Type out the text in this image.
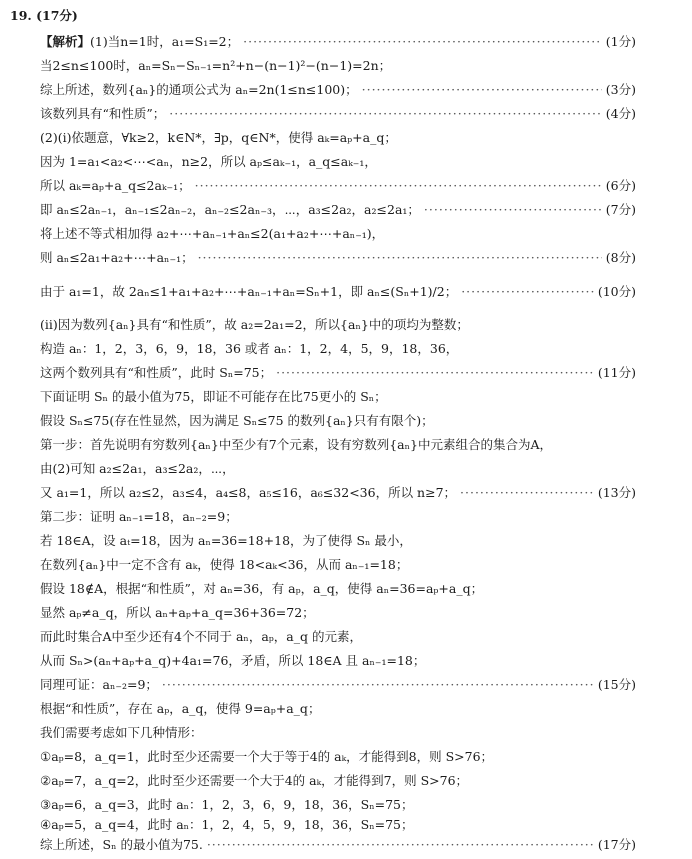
19. (17分)
【解析】 (1)当n=1时，a₁=S₁=2； ·····	(1分)
当2≤n≤100时，aₙ=Sₙ−Sₙ₋₁=n²+n−(n−1)²−(n−1)=2n；
综上所述，数列{aₙ}的通项公式为 aₙ=2n(1≤n≤100)； ·····	(3分)
该数列具有“和性质”； ·····	(4分)
(2)(ⅰ)依题意，∀k≥2，k∈N*，∃p，q∈N*，使得 aₖ=aₚ+a_q；
因为 1=a₁<a₂<⋯<aₙ，n≥2，所以 aₚ≤aₖ₋₁，a_q≤aₖ₋₁，
所以 aₖ=aₚ+a_q≤2aₖ₋₁； ·····	(6分)
即 aₙ≤2aₙ₋₁，aₙ₋₁≤2aₙ₋₂，aₙ₋₂≤2aₙ₋₃，⋯，a₃≤2a₂，a₂≤2a₁； ·····	(7分)
将上述不等式相加得 a₂+⋯+aₙ₋₁+aₙ≤2(a₁+a₂+⋯+aₙ₋₁)，
则 aₙ≤2a₁+a₂+⋯+aₙ₋₁； ·····	(8分)
由于 a₁=1，故 2aₙ≤1+a₁+a₂+⋯+aₙ₋₁+aₙ=Sₙ+1，即 aₙ≤(Sₙ+1)/2； ·····	(10分)
(ⅱ)因为数列{aₙ}具有“和性质”，故 a₂=2a₁=2，所以{aₙ}中的项均为整数；
构造 aₙ：1，2，3，6，9，18，36 或者 aₙ：1，2，4，5，9，18，36，
这两个数列具有“和性质”，此时 Sₙ=75； ·····	(11分)
下面证明 Sₙ 的最小值为75，即证不可能存在比75更小的 Sₙ；
假设 Sₙ≤75(存在性显然，因为满足 Sₙ≤75 的数列{aₙ}只有有限个)；
第一步：首先说明有穷数列{aₙ}中至少有7个元素，设有穷数列{aₙ}中元素组合的集合为A，
由(2)可知 a₂≤2a₁，a₃≤2a₂，⋯，
又 a₁=1，所以 a₂≤2，a₃≤4，a₄≤8，a₅≤16，a₆≤32<36，所以 n≥7； ·····	(13分)
第二步：证明 aₙ₋₁=18，aₙ₋₂=9；
若 18∈A，设 aₜ=18，因为 aₙ=36=18+18，为了使得 Sₙ 最小，
在数列{aₙ}中一定不含有 aₖ，使得 18<aₖ<36，从而 aₙ₋₁=18；
假设 18∉A，根据“和性质”，对 aₙ=36，有 aₚ，a_q，使得 aₙ=36=aₚ+a_q；
显然 aₚ≠a_q，所以 aₙ+aₚ+a_q=36+36=72；
而此时集合A中至少还有4个不同于 aₙ，aₚ，a_q 的元素，
从而 Sₙ>(aₙ+aₚ+a_q)+4a₁=76，矛盾，所以 18∈A 且 aₙ₋₁=18；
同理可证：aₙ₋₂=9； ·····	(15分)
根据“和性质”，存在 aₚ，a_q，使得 9=aₚ+a_q；
我们需要考虑如下几种情形：
①aₚ=8，a_q=1，此时至少还需要一个大于等于4的 aₖ，才能得到8，则 S>76；
②aₚ=7，a_q=2，此时至少还需要一个大于4的 aₖ，才能得到7，则 S>76；
③aₚ=6，a_q=3，此时 aₙ：1，2，3，6，9，18，36，Sₙ=75；
④aₚ=5，a_q=4，此时 aₙ：1，2，4，5，9，18，36，Sₙ=75；
综上所述，Sₙ 的最小值为75. ·····	(17分)
